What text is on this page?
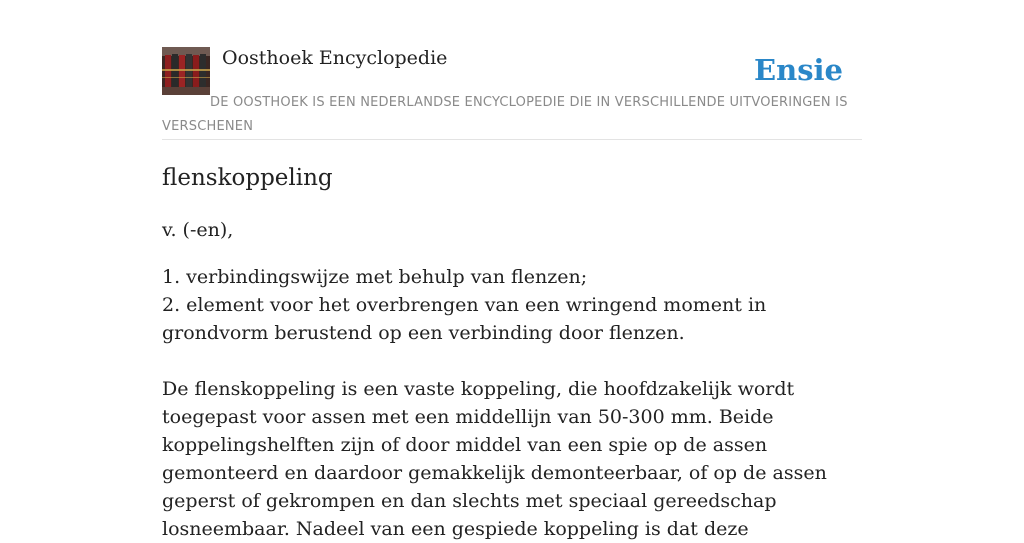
Oosthoek Encyclopedie	Ensie

DE OOSTHOEK IS EEN NEDERLANDSE ENCYCLOPEDIE DIE IN VERSCHILLENDE UITVOERINGEN IS VERSCHENEN

flenskoppeling

v. (-en),

1. verbindingswijze met behulp van flenzen;
2. element voor het overbrengen van een wringend moment in grondvorm berustend op een verbinding door flenzen.

De flenskoppeling is een vaste koppeling, die hoofdzakelijk wordt toegepast voor assen met een middellijn van 50-300 mm. Beide koppelingshelften zijn of door middel van een spie op de assen gemonteerd en daardoor gemakkelijk demonteerbaar, of op de assen geperst of gekrompen en dan slechts met speciaal gereedschap losneembaar. Nadeel van een gespiede koppeling is dat deze
